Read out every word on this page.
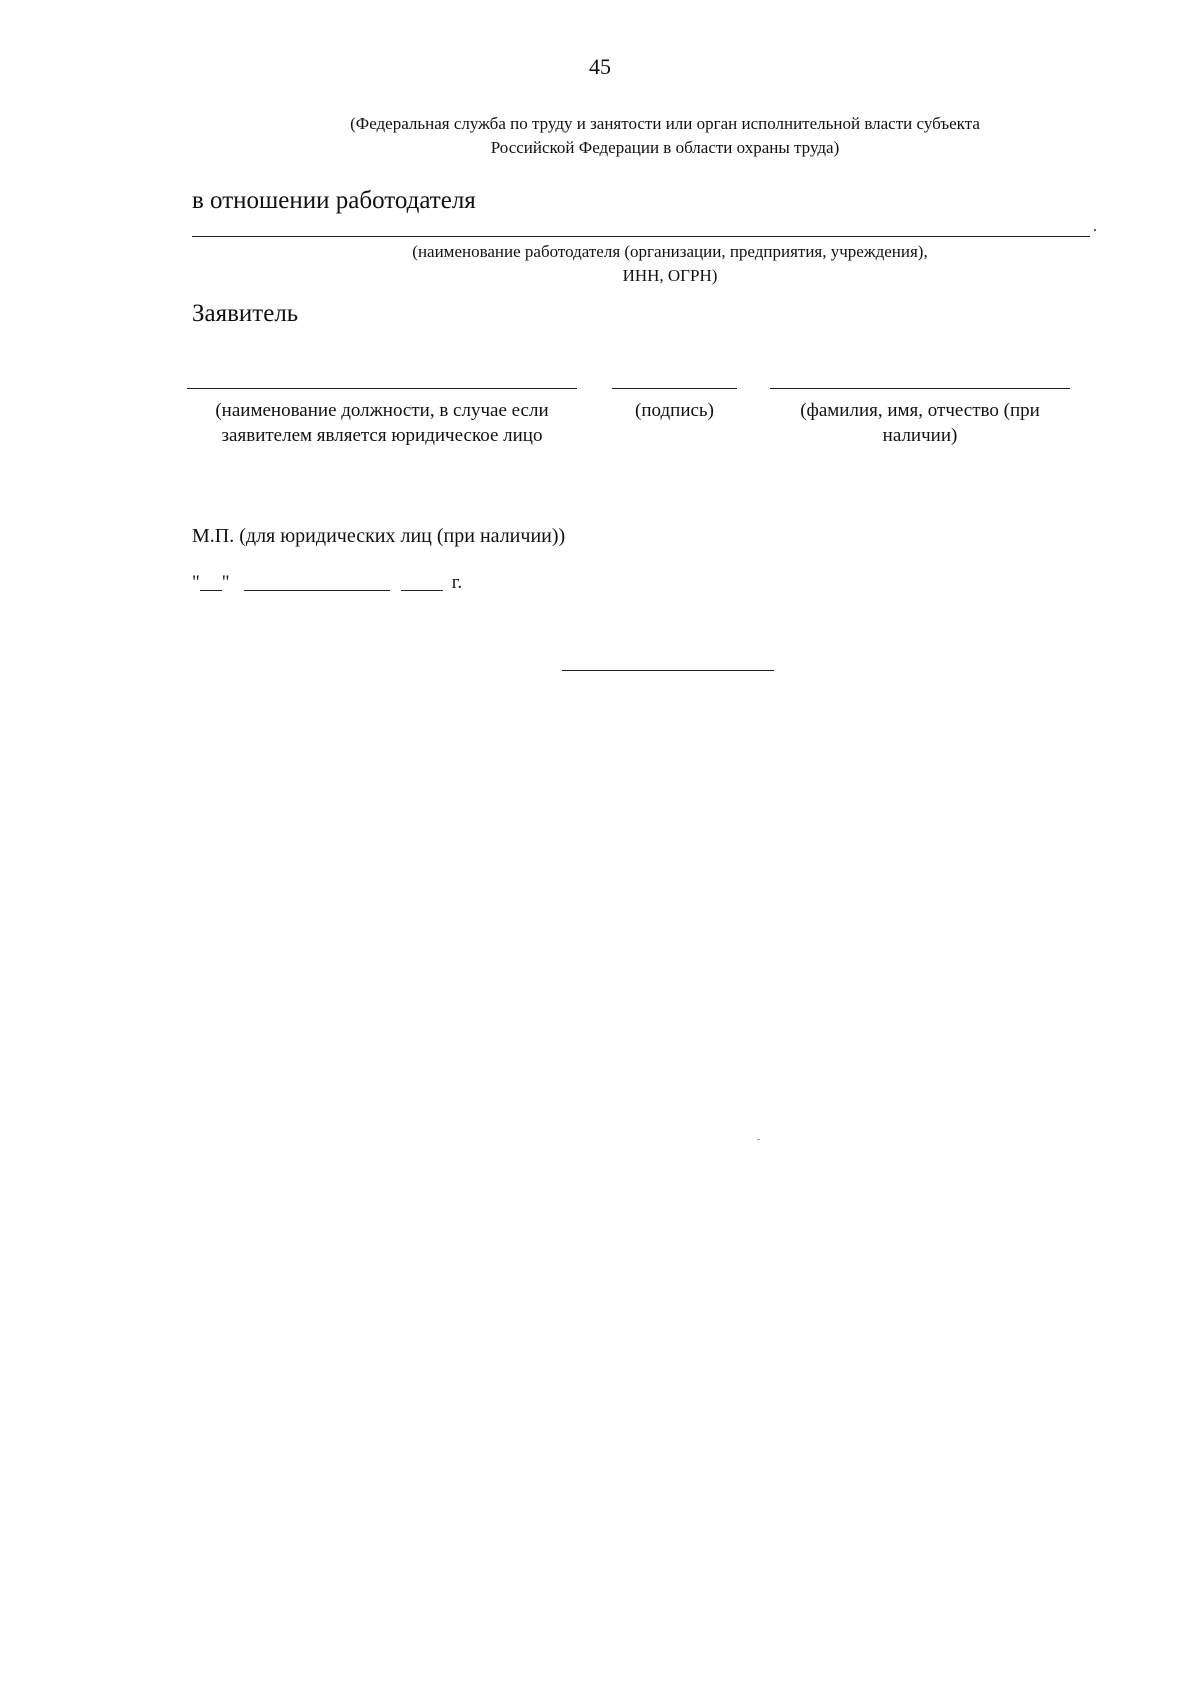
45
(Федеральная служба по труду и занятости или орган исполнительной власти субъекта Российской Федерации в области охраны труда)
в отношении работодателя
.
(наименование работодателя (организации, предприятия, учреждения),
ИНН, ОГРН)
Заявитель
(наименование должности, в случае если заявителем является юридическое лицо
(подпись)	(фамилия, имя, отчество (при наличии)
М.П. (для юридических лиц (при наличии))
" "	г.
